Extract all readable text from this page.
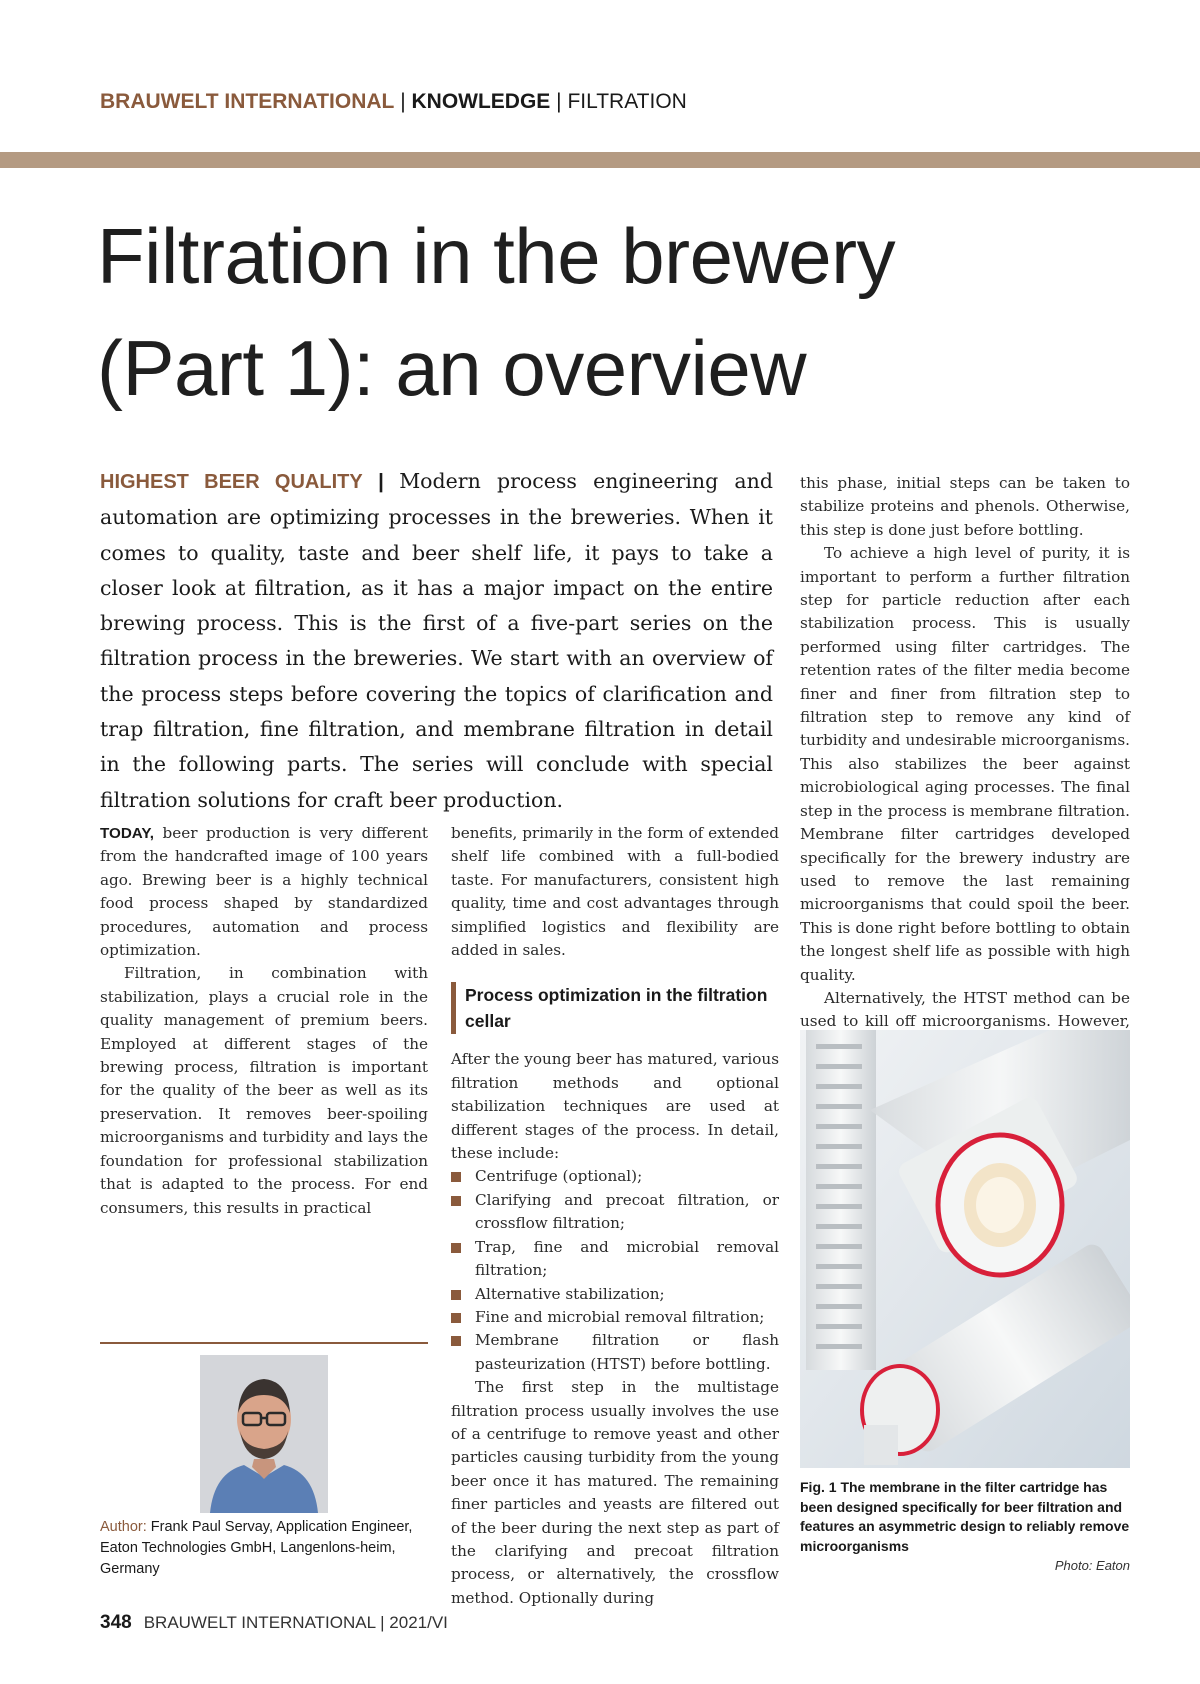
BRAUWELT INTERNATIONAL | KNOWLEDGE | FILTRATION
Filtration in the brewery
(Part 1): an overview
HIGHEST BEER QUALITY | Modern process engineering and automation are optimizing processes in the breweries. When it comes to quality, taste and beer shelf life, it pays to take a closer look at filtration, as it has a major impact on the entire brewing process. This is the first of a five-part series on the filtration process in the breweries. We start with an overview of the process steps before covering the topics of clarification and trap filtration, fine filtration, and membrane filtration in detail in the following parts. The series will conclude with special filtration solutions for craft beer production.

TODAY, beer production is very different from the handcrafted image of 100 years ago. Brewing beer is a highly technical food process shaped by standardized procedures, automation and process optimization.

Filtration, in combination with stabilization, plays a crucial role in the quality management of premium beers. Employed at different stages of the brewing process, filtration is important for the quality of the beer as well as its preservation. It removes beer-spoiling microorganisms and turbidity and lays the foundation for professional stabilization that is adapted to the process. For end consumers, this results in practical

benefits, primarily in the form of extended shelf life combined with a full-bodied taste. For manufacturers, consistent high quality, time and cost advantages through simplified logistics and flexibility are added in sales.

Process optimization in the filtration cellar

After the young beer has matured, various filtration methods and optional stabilization techniques are used at different stages of the process. In detail, these include:

Centrifuge (optional);
Clarifying and precoat filtration, or crossflow filtration;
Trap, fine and microbial removal filtration;
Alternative stabilization;
Fine and microbial removal filtration;
Membrane filtration or flash pasteurization (HTST) before bottling.

The first step in the multistage filtration process usually involves the use of a centrifuge to remove yeast and other particles causing turbidity from the young beer once it has matured. The remaining finer particles and yeasts are filtered out of the beer during the next step as part of the clarifying and precoat filtration process, or alternatively, the crossflow method. Optionally during

this phase, initial steps can be taken to stabilize proteins and phenols. Otherwise, this step is done just before bottling.

To achieve a high level of purity, it is important to perform a further filtration step for particle reduction after each stabilization process. This is usually performed using filter cartridges. The retention rates of the filter media become finer and finer from filtration step to filtration step to remove any kind of turbidity and undesirable microorganisms. This also stabilizes the beer against microbiological aging processes. The final step in the process is membrane filtration. Membrane filter cartridges developed specifically for the brewery industry are used to remove the last remaining microorganisms that could spoil the beer. This is done right before bottling to obtain the longest shelf life as possible with high quality.

Alternatively, the HTST method can be used to kill off microorganisms. However,

Author: Frank Paul Servay, Application Engineer, Eaton Technologies GmbH, Langenlons-heim, Germany
Fig. 1 The membrane in the filter cartridge has been designed specifically for beer filtration and features an asymmetric design to reliably remove microorganisms
Photo: Eaton
348 BRAUWELT INTERNATIONAL | 2021/VI
